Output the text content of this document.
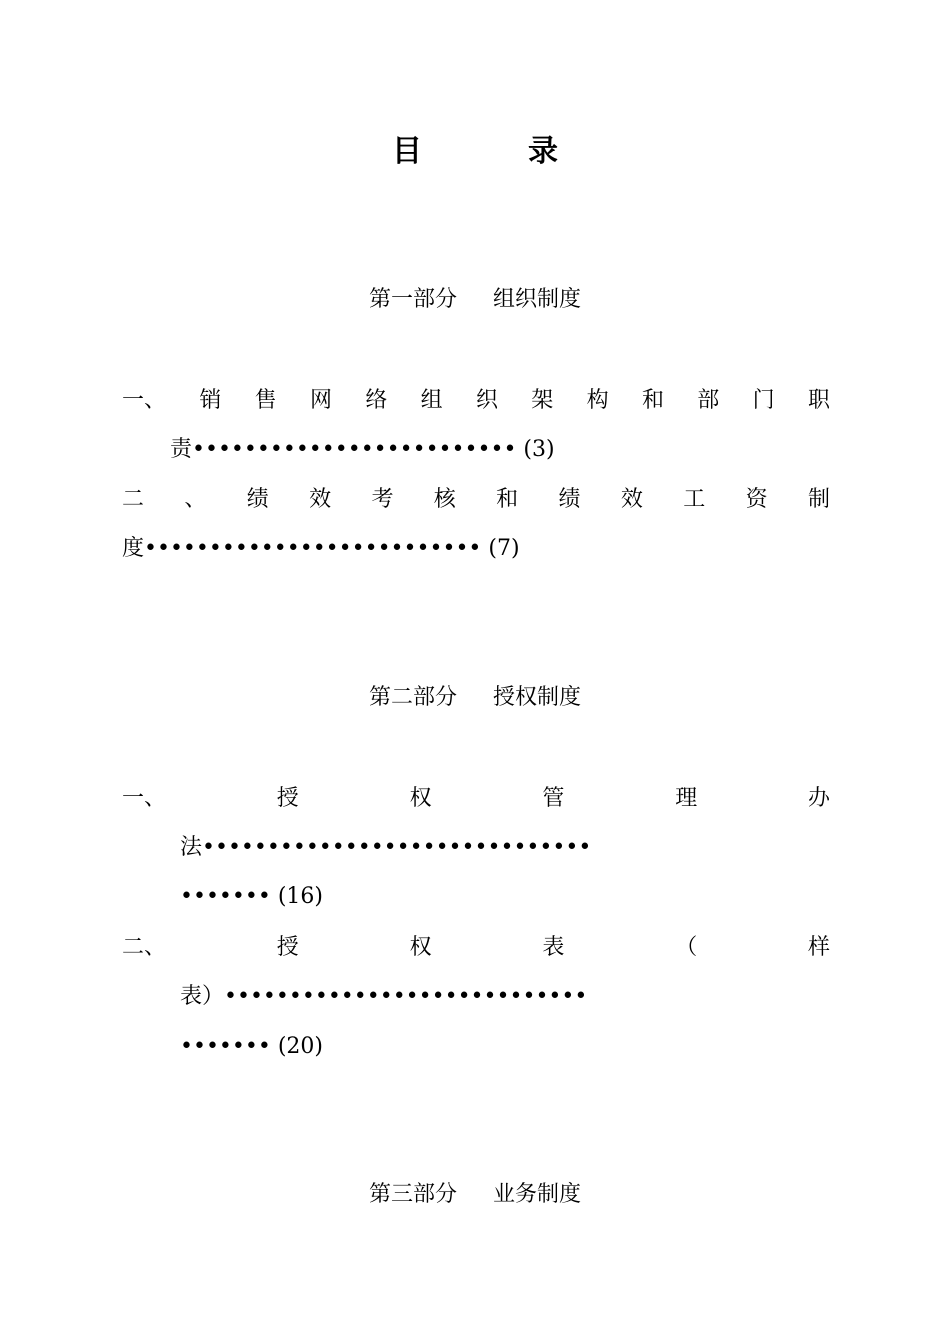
目　录
第一部分 组织制度
一、 销 售 网 络 组 织 架 构 和 部 门 职
责••••••••••••••••••••••••• (3)
二 、 绩 效 考 核 和 绩 效 工 资 制
度•••••••••••••••••••••••••• (7)
第二部分 授权制度
一、	授	权	管	理	办
法••••••••••••••••••••••••••••••
••••••• (16)
二、	授	权	表	（	样
表）••••••••••••••••••••••••••••
••••••• (20)
第三部分 业务制度
